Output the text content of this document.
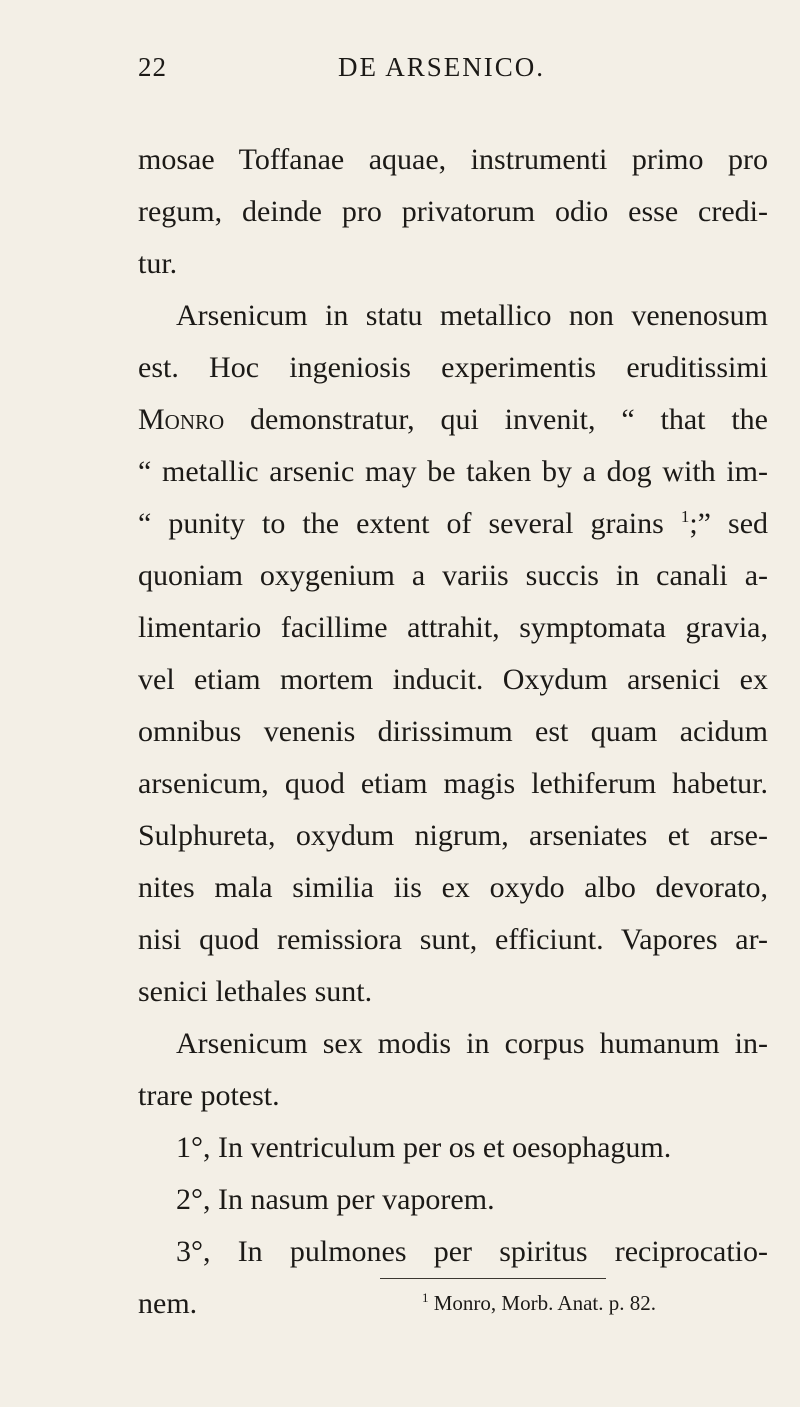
22	DE ARSENICO.
mosae Toffanae aquae, instrumenti primo pro
regum, deinde pro privatorum odio esse credi-
tur.
Arsenicum in statu metallico non venenosum
est. Hoc ingeniosis experimentis eruditissimi
Monro demonstratur, qui invenit, “ that the
“ metallic arsenic may be taken by a dog with im-
“ punity to the extent of several grains $^1$;” sed
quoniam oxygenium a variis succis in canali a-
limentario facillime attrahit, symptomata gravia,
vel etiam mortem inducit. Oxydum arsenici ex
omnibus venenis dirissimum est quam acidum
arsenicum, quod etiam magis lethiferum habetur.
Sulphureta, oxydum nigrum, arseniates et arse-
nites mala similia iis ex oxydo albo devorato,
nisi quod remissiora sunt, efficiunt. Vapores ar-
senici lethales sunt.
Arsenicum sex modis in corpus humanum in-
trare potest.
1°, In ventriculum per os et oesophagum.
2°, In nasum per vaporem.
3°, In pulmones per spiritus reciprocatio-
nem.	$^1$ Monro, Morb. Anat. p. 82.
